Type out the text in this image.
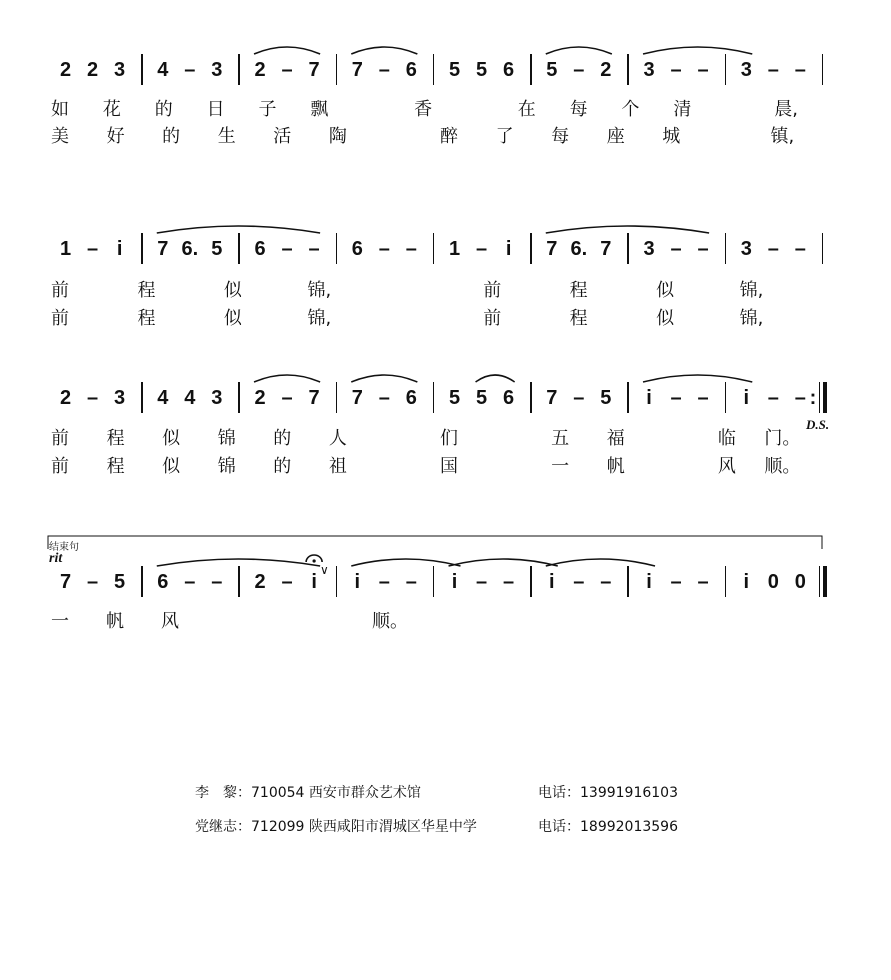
2 2 3 4 – 3 2 – 7 7 – 6 5 5 6 5 – 2 3 – – 3 – –
如 花 的 日 子 飘	香	在 每 个 清	晨,
美 好 的 生 活 陶	醉 了 每 座 城	镇,
1 – i 7 6. 5 6 – – 6 – – 1 – i 7 6. 7 3 – – 3 – –
前	程	似	锦,	前	程	似	锦,
前	程	似	锦,	前	程	似	锦,
2 – 3 4 4 3 2 – 7 7 – 6 5 5 6 7 – 5 i – – i – – :
前 程 似 锦 的 人	们	五 福	临 门。
前 程 似 锦 的 祖	国	一 帆	风 顺。
7 – 5 6 – – 2 – i i – – i – – i – – i – – i 0 0
一 帆 风	顺。
D.S.
结束句
rit
∨
李　黎：710054 西安市群众艺术馆	电话：13991916103
党继志：712099 陕西咸阳市渭城区华星中学	电话：18992013596
